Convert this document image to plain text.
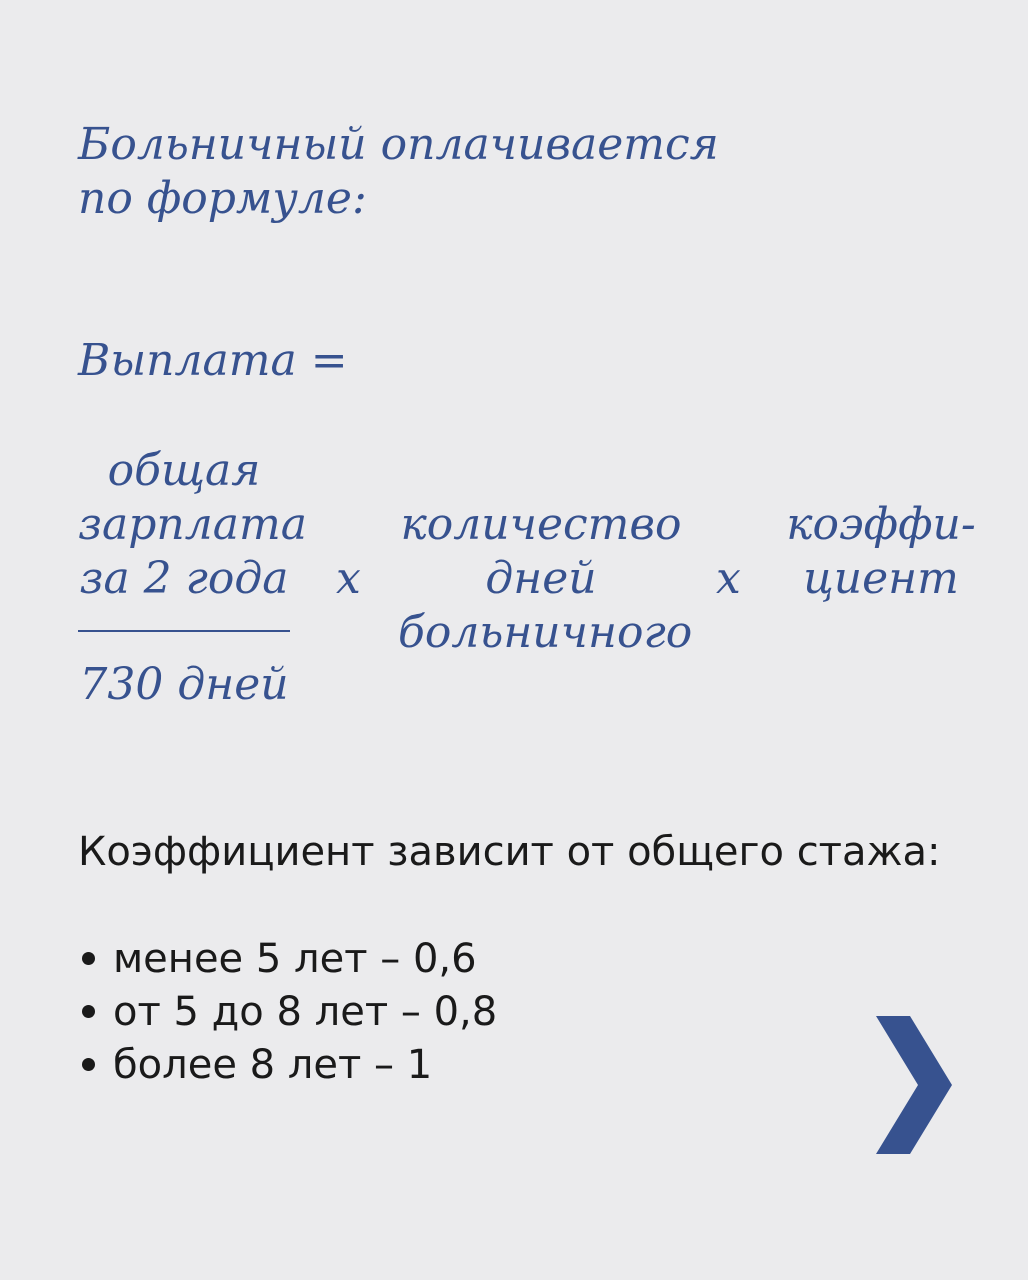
Больничный оплачивается
по формуле:
Выплата =
общая
зарплата
за 2 года
730 дней
x
количество
дней
больничного
x
коэффи-
циент
Коэффициент зависит от общего стажа:
менее 5 лет – 0,6
от 5 до 8 лет – 0,8
более 8 лет – 1
